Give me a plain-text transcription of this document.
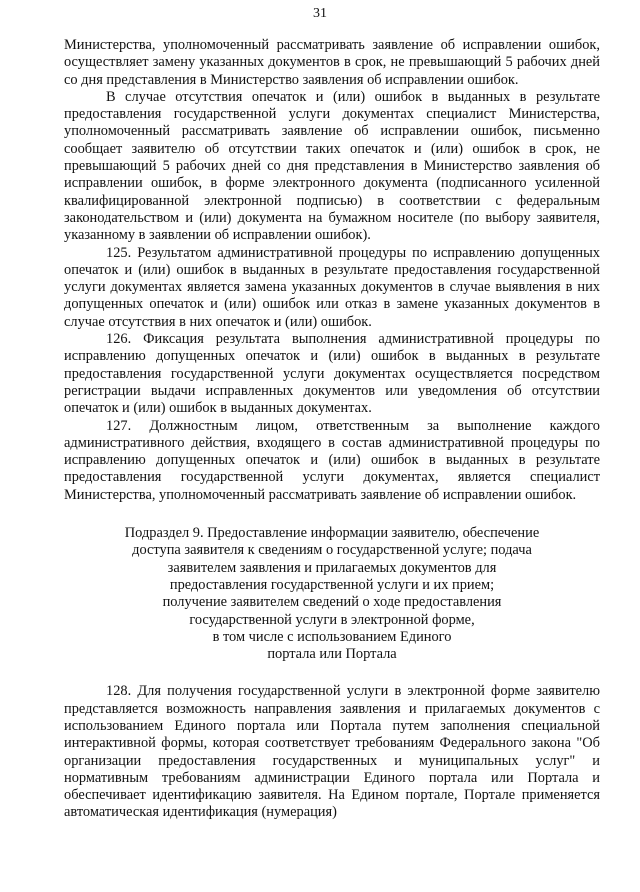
31

Министерства, уполномоченный рассматривать заявление об исправлении ошибок, осуществляет замену указанных документов в срок, не превышающий 5 рабочих дней со дня представления в Министерство заявления об исправлении ошибок.

В случае отсутствия опечаток и (или) ошибок в выданных в результате предоставления государственной услуги документах специалист Министерства, уполномоченный рассматривать заявление об исправлении ошибок, письменно сообщает заявителю об отсутствии таких опечаток и (или) ошибок в срок, не превышающий 5 рабочих дней со дня представления в Министерство заявления об исправлении ошибок, в форме электронного документа (подписанного усиленной квалифицированной электронной подписью) в соответствии с федеральным законодательством и (или) документа на бумажном носителе (по выбору заявителя, указанному в заявлении об исправлении ошибок).

125. Результатом административной процедуры по исправлению допущенных опечаток и (или) ошибок в выданных в результате предоставления государственной услуги документах является замена указанных документов в случае выявления в них допущенных опечаток и (или) ошибок или отказ в замене указанных документов в случае отсутствия в них опечаток и (или) ошибок.

126. Фиксация результата выполнения административной процедуры по исправлению допущенных опечаток и (или) ошибок в выданных в результате предоставления государственной услуги документах осуществляется посредством регистрации выдачи исправленных документов или уведомления об отсутствии опечаток и (или) ошибок в выданных документах.

127. Должностным лицом, ответственным за выполнение каждого административного действия, входящего в состав административной процедуры по исправлению допущенных опечаток и (или) ошибок в выданных в результате предоставления государственной услуги документах, является специалист Министерства, уполномоченный рассматривать заявление об исправлении ошибок.

Подраздел 9. Предоставление информации заявителю, обеспечение
доступа заявителя к сведениям о государственной услуге; подача
заявителем заявления и прилагаемых документов для
предоставления государственной услуги и их прием;
получение заявителем сведений о ходе предоставления
государственной услуги в электронной форме,
в том числе с использованием Единого
портала или Портала

128. Для получения государственной услуги в электронной форме заявителю представляется возможность направления заявления и прилагаемых документов с использованием Единого портала или Портала путем заполнения специальной интерактивной формы, которая соответствует требованиям Федерального закона "Об организации предоставления государственных и муниципальных услуг" и нормативным требованиям администрации Единого портала или Портала и обеспечивает идентификацию заявителя. На Едином портале, Портале применяется автоматическая идентификация (нумерация)
